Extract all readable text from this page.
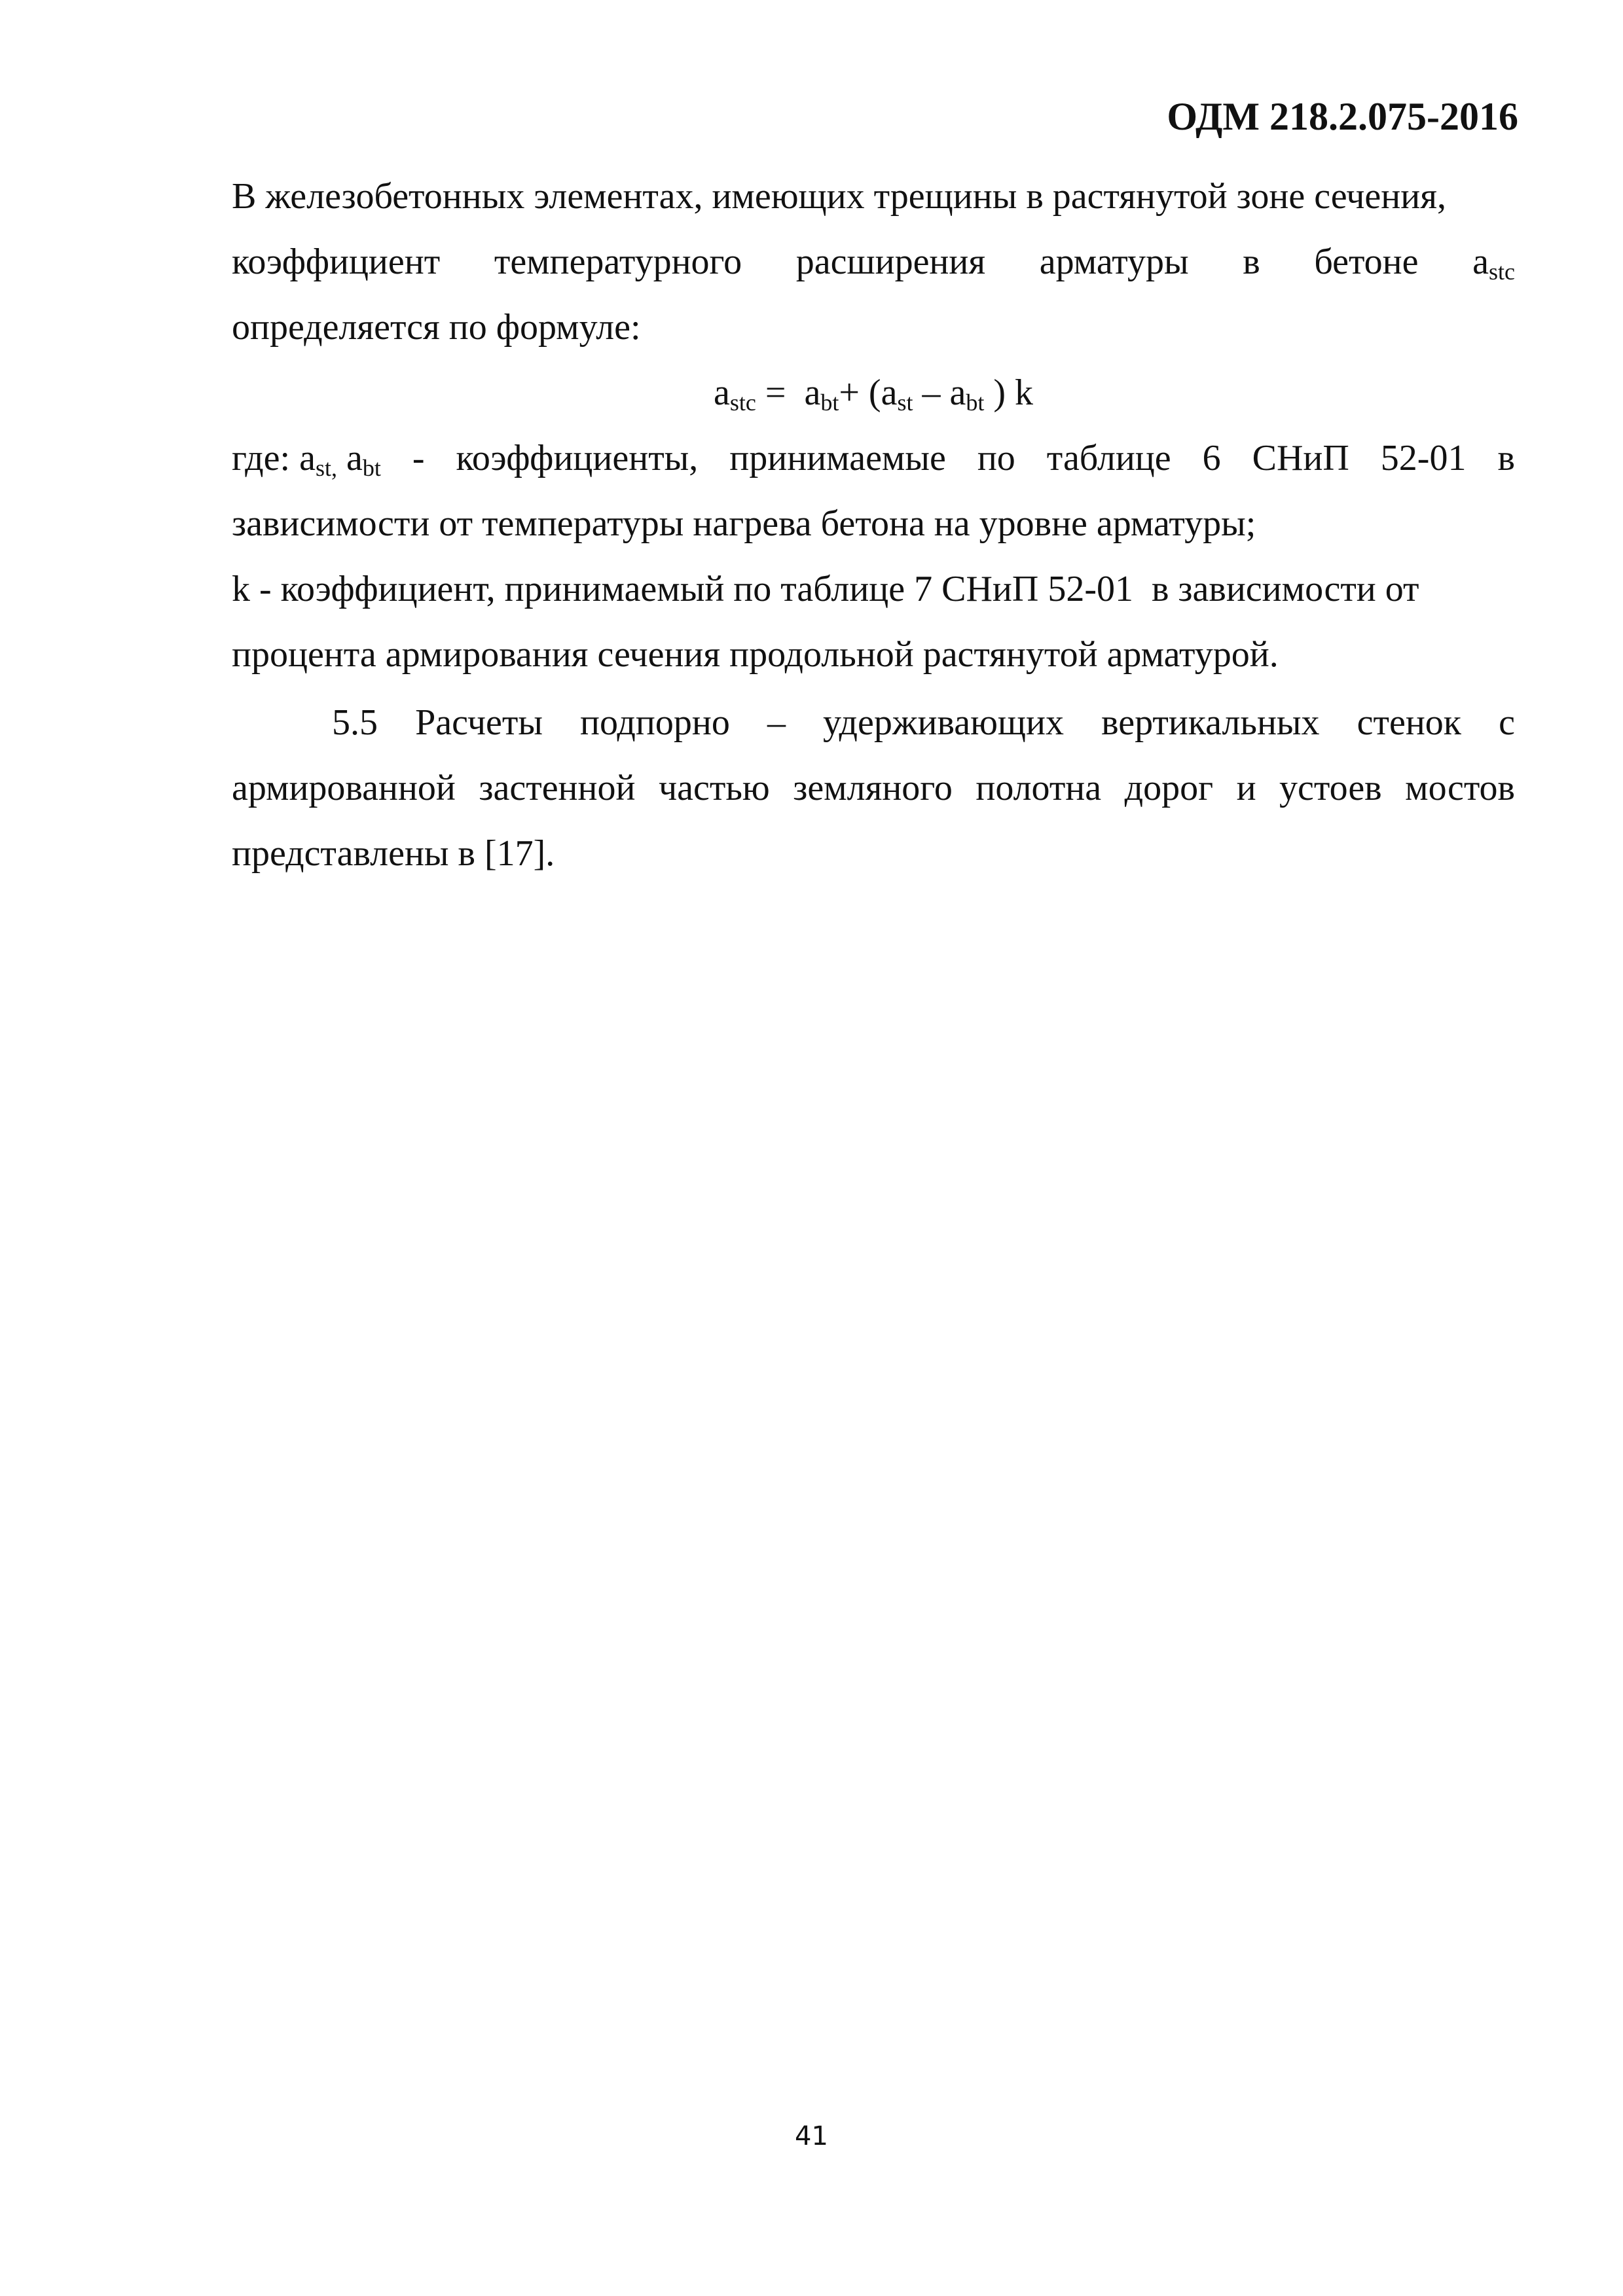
ОДМ 218.2.075-2016
В железобетонных элементах, имеющих трещины в растянутой зоне сечения,
коэффициент температурного расширения арматуры в бетоне $a_{stc}$
определяется по формуле:
$a_{stc} = a_{bt}+ (a_{st} - a_{bt}$ ) k
где: $a_{st,}$ $a_{bt}$ - коэффициенты, принимаемые по таблице 6 СНиП 52-01 в
зависимости от температуры нагрева бетона на уровне арматуры;
k - коэффициент, принимаемый по таблице 7 СНиП 52-01  в зависимости от
процента армирования сечения продольной растянутой арматурой.
5.5 Расчеты подпорно – удерживающих вертикальных стенок с
армированной застенной частью земляного полотна дорог и устоев мостов
представлены в [17].
41
